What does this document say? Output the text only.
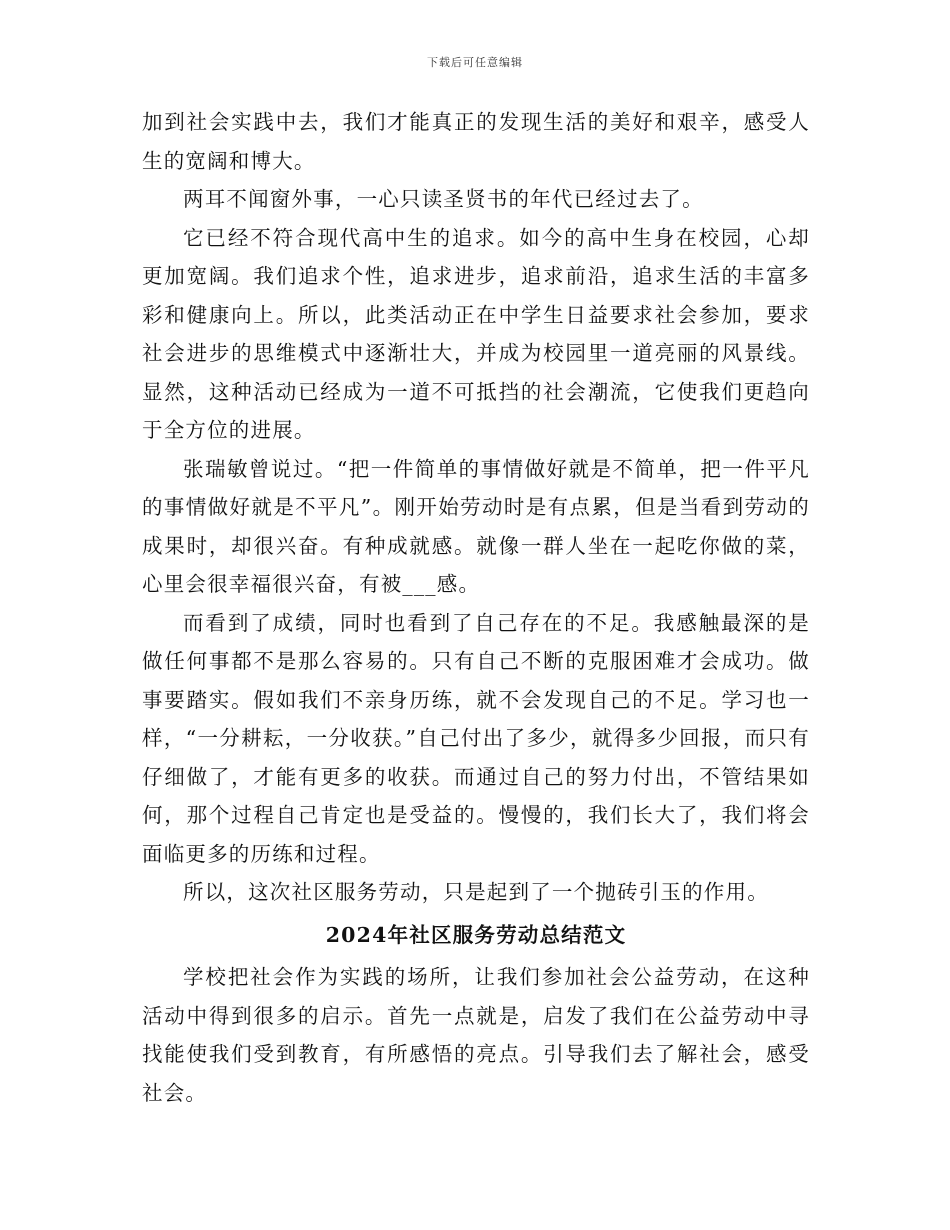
下载后可任意编辑

加到社会实践中去，我们才能真正的发现生活的美好和艰辛，感受人生的宽阔和博大。

两耳不闻窗外事，一心只读圣贤书的年代已经过去了。

它已经不符合现代高中生的追求。如今的高中生身在校园，心却更加宽阔。我们追求个性，追求进步，追求前沿，追求生活的丰富多彩和健康向上。所以，此类活动正在中学生日益要求社会参加，要求社会进步的思维模式中逐渐壮大，并成为校园里一道亮丽的风景线。显然，这种活动已经成为一道不可抵挡的社会潮流，它使我们更趋向于全方位的进展。

张瑞敏曾说过。“把一件简单的事情做好就是不简单，把一件平凡的事情做好就是不平凡”。刚开始劳动时是有点累，但是当看到劳动的成果时，却很兴奋。有种成就感。就像一群人坐在一起吃你做的菜，心里会很幸福很兴奋，有被___感。

而看到了成绩，同时也看到了自己存在的不足。我感触最深的是做任何事都不是那么容易的。只有自己不断的克服困难才会成功。做事要踏实。假如我们不亲身历练，就不会发现自己的不足。学习也一样，“一分耕耘，一分收获。”自己付出了多少，就得多少回报，而只有仔细做了，才能有更多的收获。而通过自己的努力付出，不管结果如何，那个过程自己肯定也是受益的。慢慢的，我们长大了，我们将会面临更多的历练和过程。

所以，这次社区服务劳动，只是起到了一个抛砖引玉的作用。

2024年社区服务劳动总结范文

学校把社会作为实践的场所，让我们参加社会公益劳动，在这种活动中得到很多的启示。首先一点就是，启发了我们在公益劳动中寻找能使我们受到教育，有所感悟的亮点。引导我们去了解社会，感受社会。
